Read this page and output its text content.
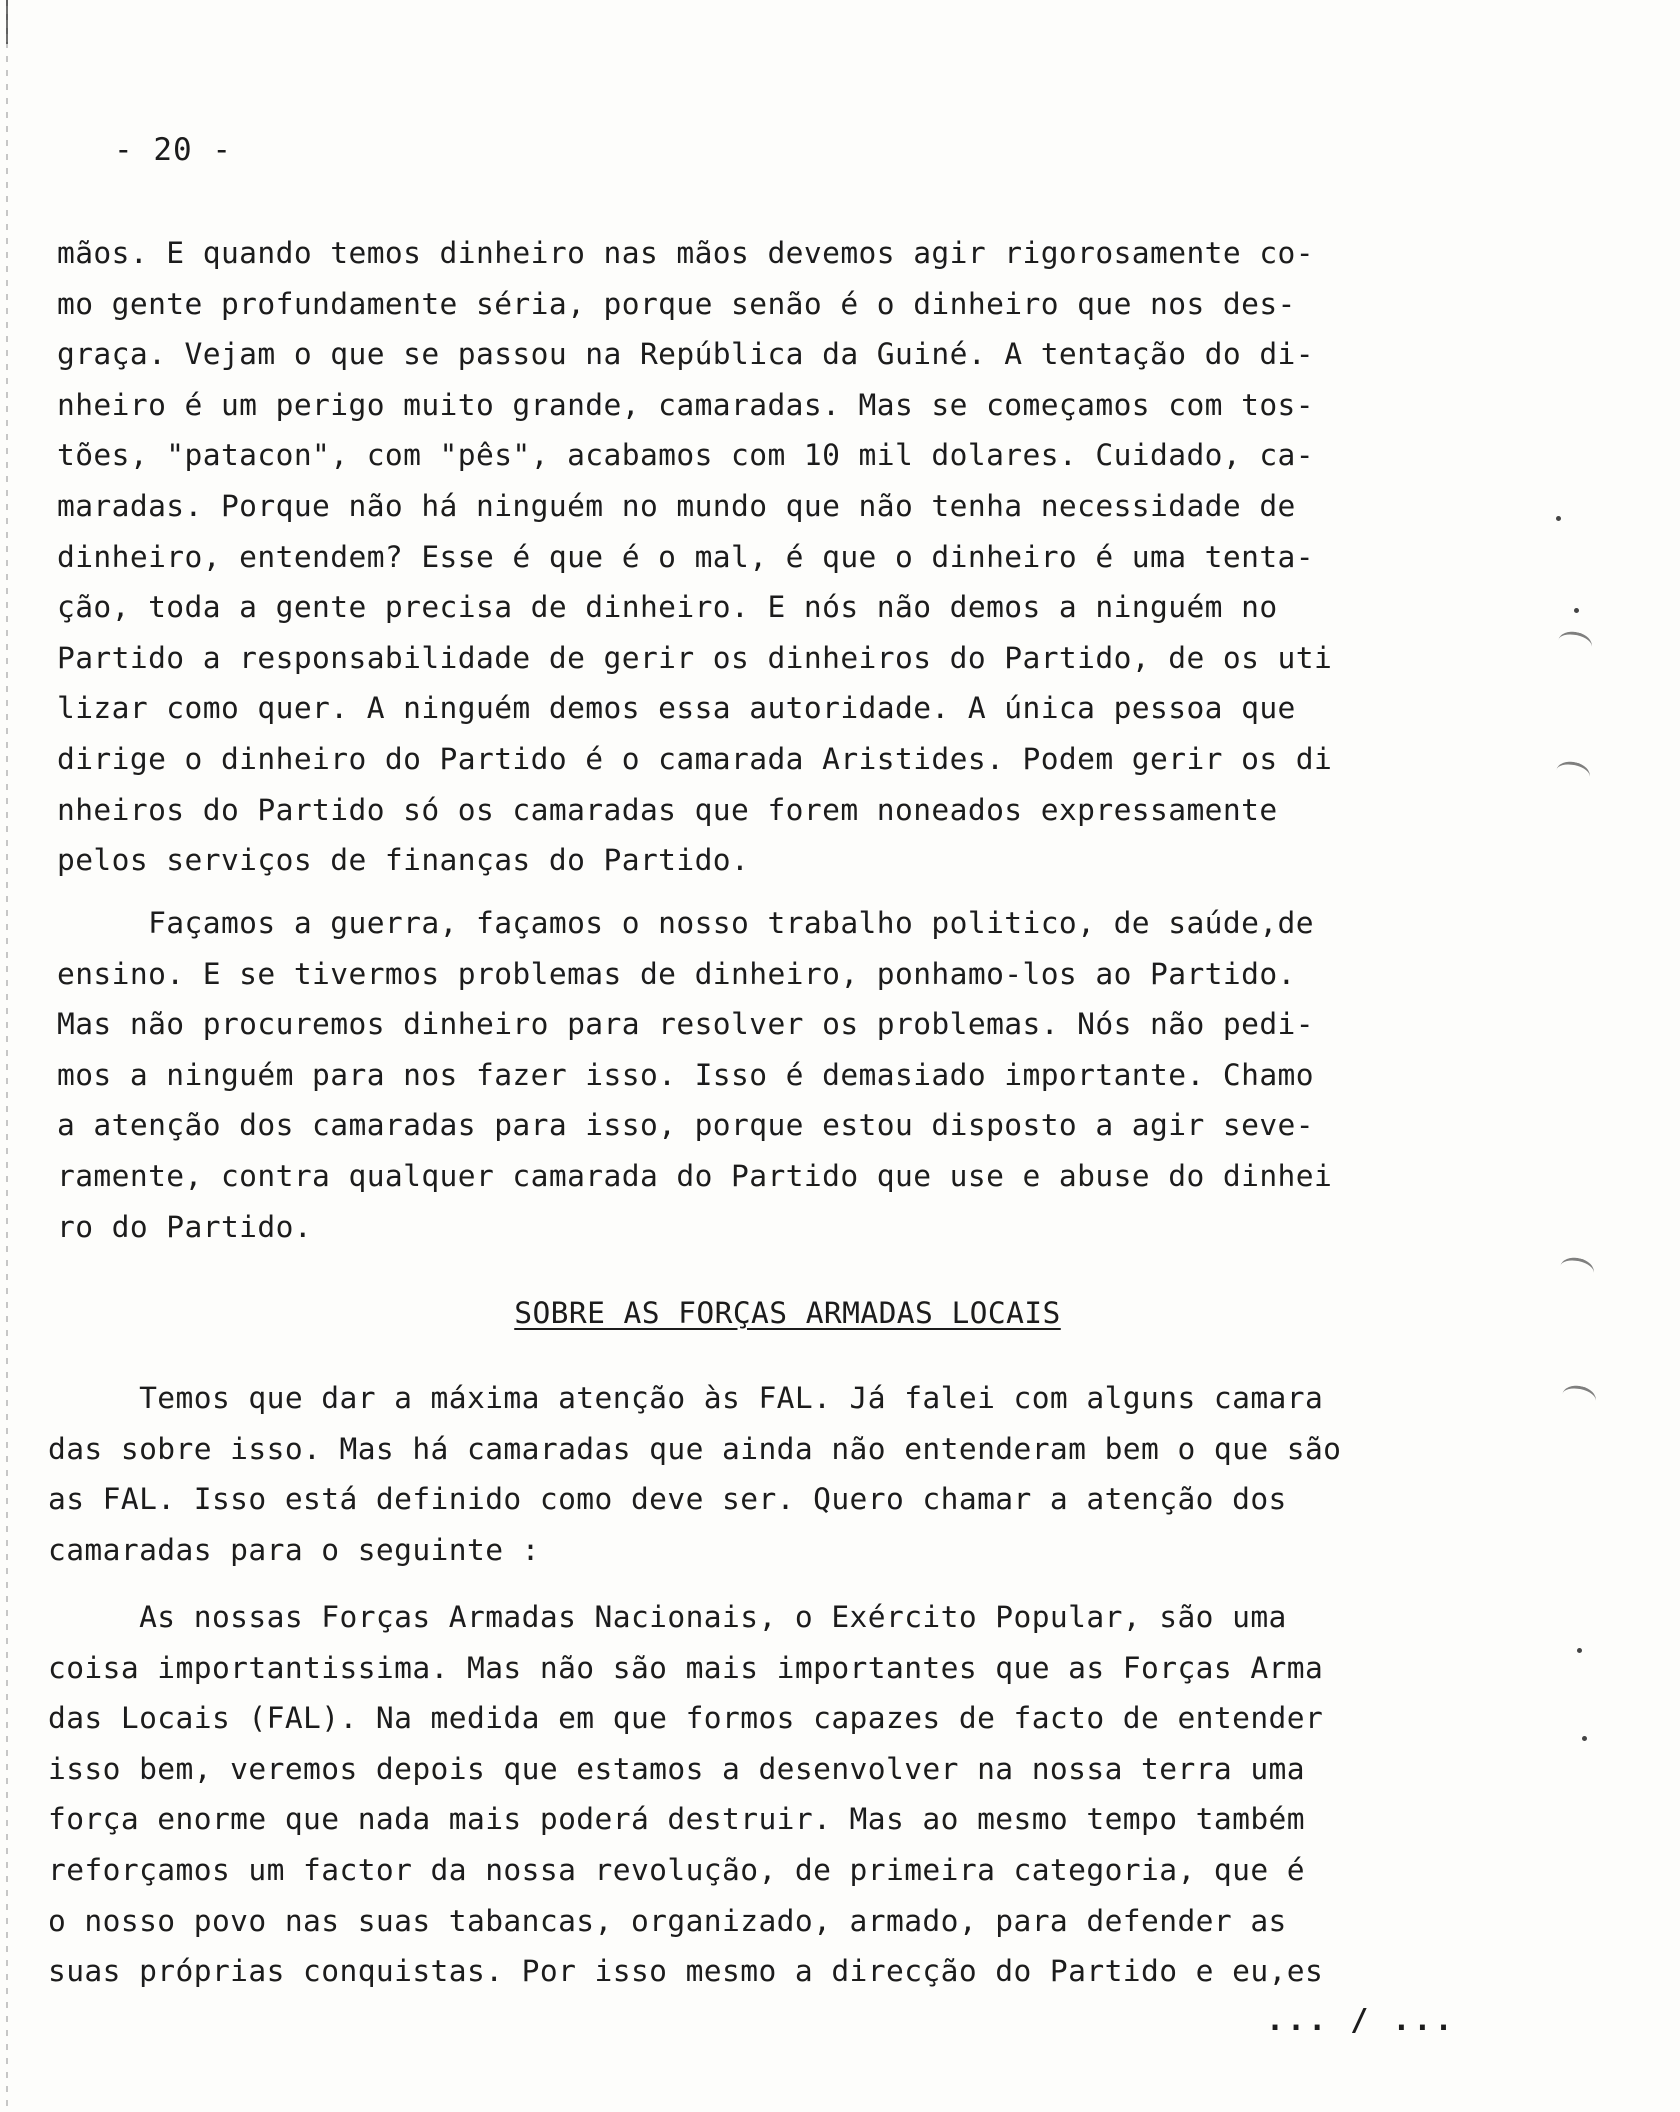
- 20 -

mãos. E quando temos dinheiro nas mãos devemos agir rigorosamente co-
mo gente profundamente séria, porque senão é o dinheiro que nos des-
graça. Vejam o que se passou na República da Guiné. A tentação do di-
nheiro é um perigo muito grande, camaradas. Mas se começamos com tos-
tões, "patacon", com "pês", acabamos com 10 mil dolares. Cuidado, ca-
maradas. Porque não há ninguém no mundo que não tenha necessidade de
dinheiro, entendem? Esse é que é o mal, é que o dinheiro é uma tenta-
ção, toda a gente precisa de dinheiro. E nós não demos a ninguém no
Partido a responsabilidade de gerir os dinheiros do Partido, de os uti
lizar como quer. A ninguém demos essa autoridade. A única pessoa que
dirige o dinheiro do Partido é o camarada Aristides. Podem gerir os di
nheiros do Partido só os camaradas que forem noneados expressamente
pelos serviços de finanças do Partido.

Façamos a guerra, façamos o nosso trabalho politico, de saúde,de
ensino. E se tivermos problemas de dinheiro, ponhamo-los ao Partido.
Mas não procuremos dinheiro para resolver os problemas. Nós não pedi-
mos a ninguém para nos fazer isso. Isso é demasiado importante. Chamo
a atenção dos camaradas para isso, porque estou disposto a agir seve-
ramente, contra qualquer camarada do Partido que use e abuse do dinhei
ro do Partido.

SOBRE AS FORÇAS ARMADAS LOCAIS

Temos que dar a máxima atenção às FAL. Já falei com alguns camara
das sobre isso. Mas há camaradas que ainda não entenderam bem o que são
as FAL. Isso está definido como deve ser. Quero chamar a atenção dos
camaradas para o seguinte :

As nossas Forças Armadas Nacionais, o Exército Popular, são uma
coisa importantissima. Mas não são mais importantes que as Forças Arma
das Locais (FAL). Na medida em que formos capazes de facto de entender
isso bem, veremos depois que estamos a desenvolver na nossa terra uma
força enorme que nada mais poderá destruir. Mas ao mesmo tempo também
reforçamos um factor da nossa revolução, de primeira categoria, que é
o nosso povo nas suas tabancas, organizado, armado, para defender as
suas próprias conquistas. Por isso mesmo a direcção do Partido e eu,es

... / ...
